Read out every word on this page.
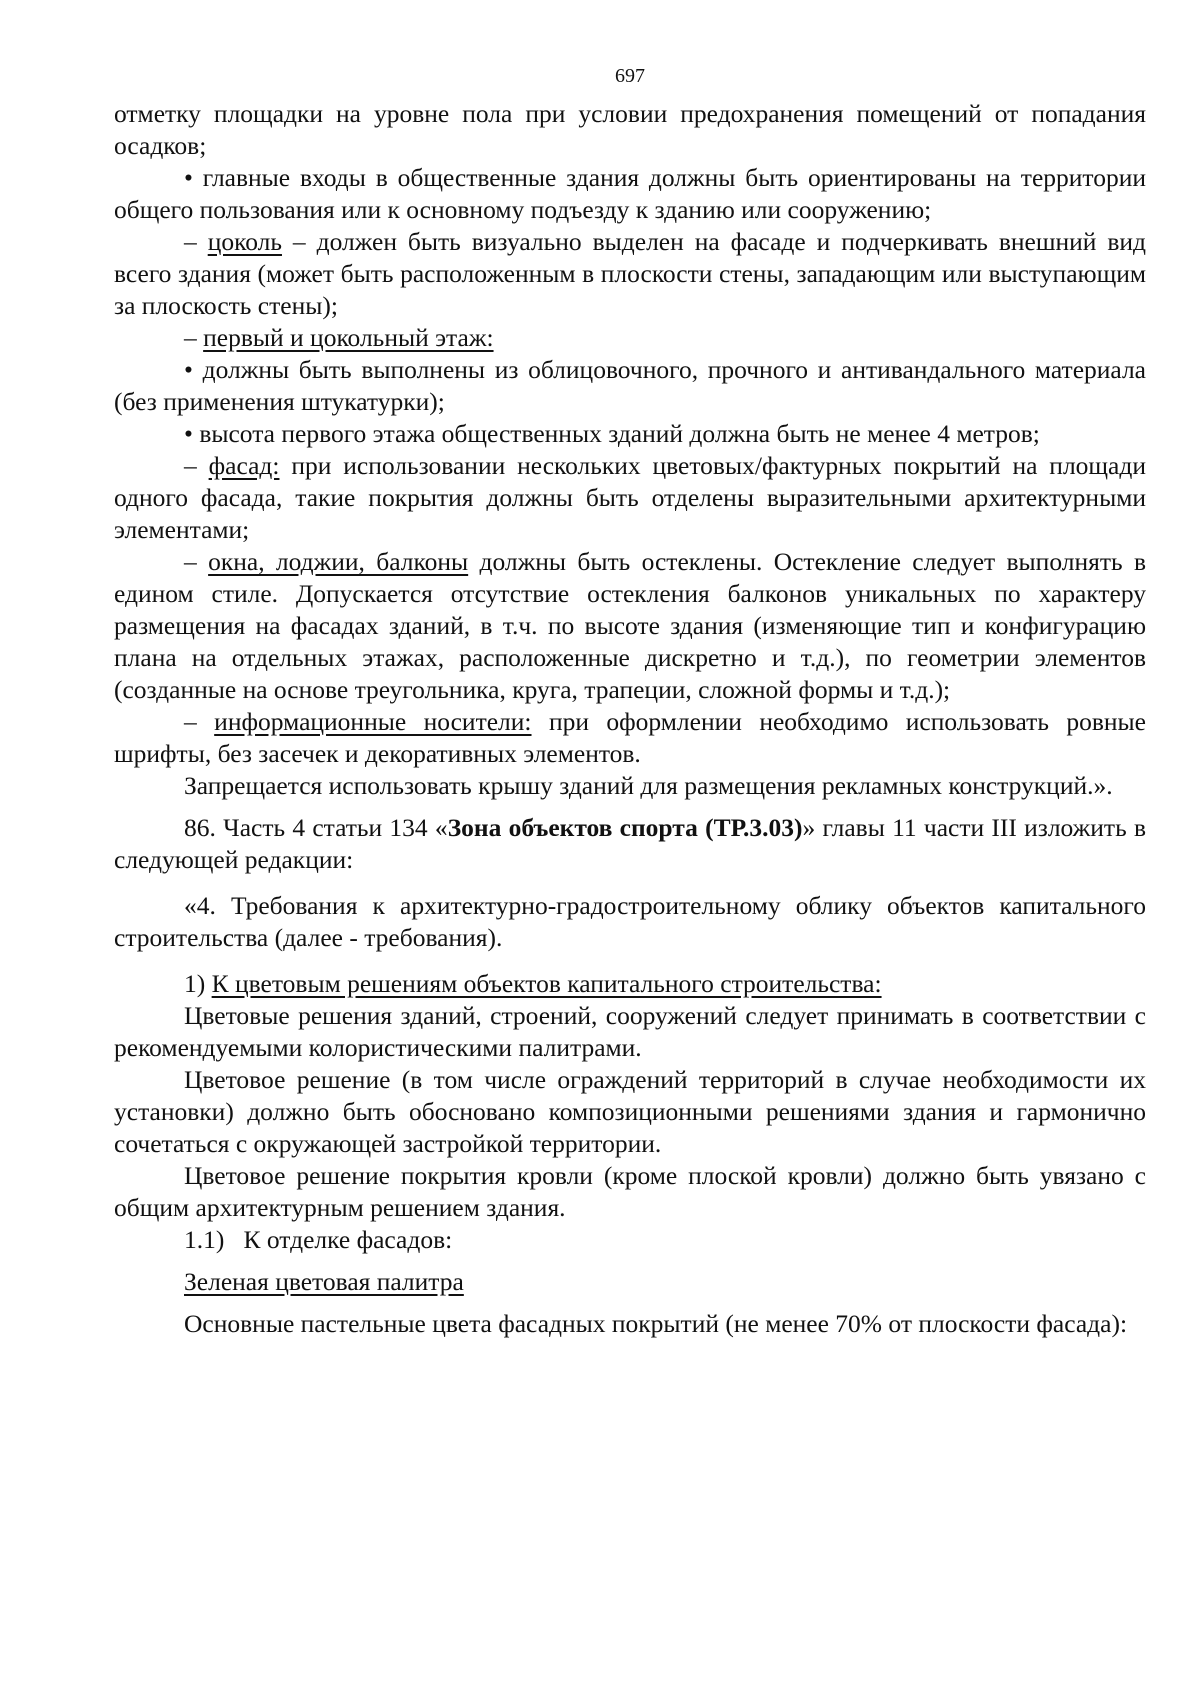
697

отметку площадки на уровне пола при условии предохранения помещений от попадания осадков;

• главные входы в общественные здания должны быть ориентированы на территории общего пользования или к основному подъезду к зданию или сооружению;

– цоколь – должен быть визуально выделен на фасаде и подчеркивать внешний вид всего здания (может быть расположенным в плоскости стены, западающим или выступающим за плоскость стены);

– первый и цокольный этаж:

• должны быть выполнены из облицовочного, прочного и антивандального материала (без применения штукатурки);

• высота первого этажа общественных зданий должна быть не менее 4 метров;

– фасад: при использовании нескольких цветовых/фактурных покрытий на площади одного фасада, такие покрытия должны быть отделены выразительными архитектурными элементами;

– окна, лоджии, балконы должны быть остеклены. Остекление следует выполнять в едином стиле. Допускается отсутствие остекления балконов уникальных по характеру размещения на фасадах зданий, в т.ч. по высоте здания (изменяющие тип и конфигурацию плана на отдельных этажах, расположенные дискретно и т.д.), по геометрии элементов (созданные на основе треугольника, круга, трапеции, сложной формы и т.д.);

– информационные носители: при оформлении необходимо использовать ровные шрифты, без засечек и декоративных элементов.

Запрещается использовать крышу зданий для размещения рекламных конструкций.».

86. Часть 4 статьи 134 «Зона объектов спорта (ТР.3.03)» главы 11 части III изложить в следующей редакции:

«4. Требования к архитектурно-градостроительному облику объектов капитального строительства (далее - требования).

1) К цветовым решениям объектов капитального строительства:

Цветовые решения зданий, строений, сооружений следует принимать в соответствии с рекомендуемыми колористическими палитрами.

Цветовое решение (в том числе ограждений территорий в случае необходимости их установки) должно быть обосновано композиционными решениями здания и гармонично сочетаться с окружающей застройкой территории.

Цветовое решение покрытия кровли (кроме плоской кровли) должно быть увязано с общим архитектурным решением здания.

1.1) К отделке фасадов:

Зеленая цветовая палитра

Основные пастельные цвета фасадных покрытий (не менее 70% от плоскости фасада):
